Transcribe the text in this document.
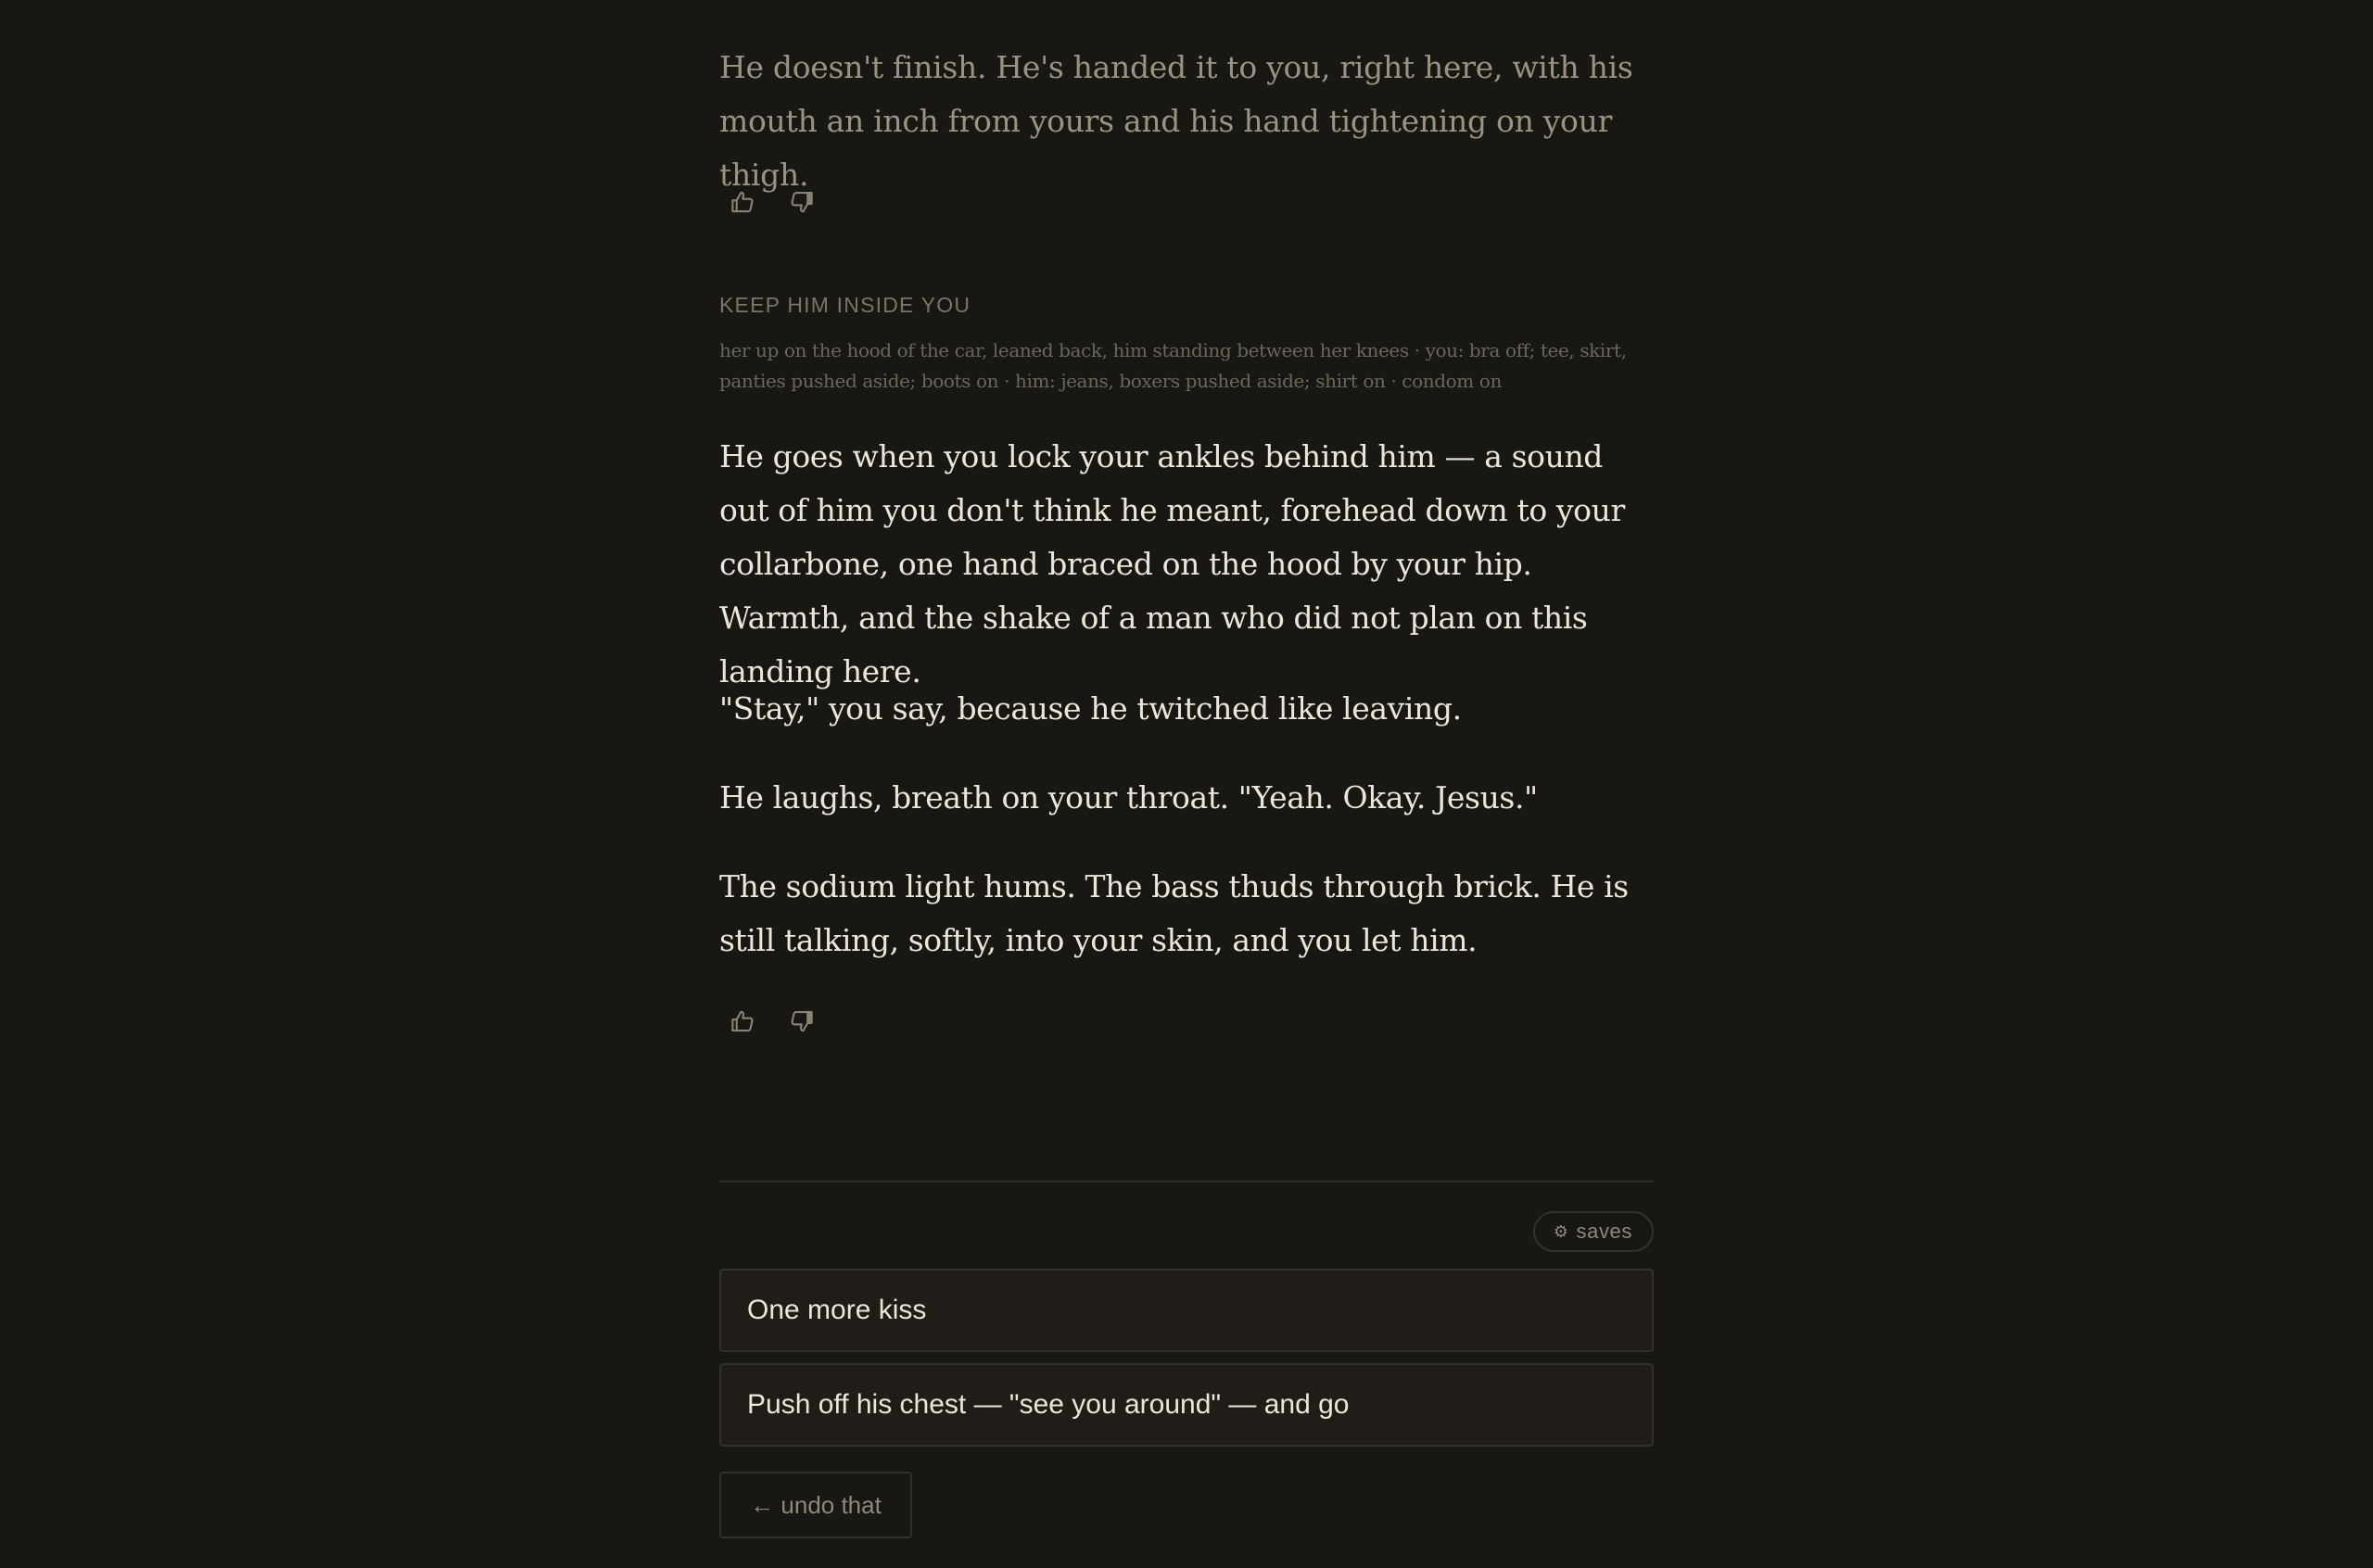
He doesn't finish. He's handed it to you, right here, with his mouth an inch from yours and his hand tightening on your thigh.

KEEP HIM INSIDE YOU
her up on the hood of the car, leaned back, him standing between her knees · you: bra off; tee, skirt, panties pushed aside; boots on · him: jeans, boxers pushed aside; shirt on · condom on

He goes when you lock your ankles behind him — a sound out of him you don't think he meant, forehead down to your collarbone, one hand braced on the hood by your hip. Warmth, and the shake of a man who did not plan on this landing here.

"Stay," you say, because he twitched like leaving.

He laughs, breath on your throat. "Yeah. Okay. Jesus."

The sodium light hums. The bass thuds through brick. He is still talking, softly, into your skin, and you let him.

⚙ saves
One more kiss
Push off his chest — "see you around" — and go
← undo that
